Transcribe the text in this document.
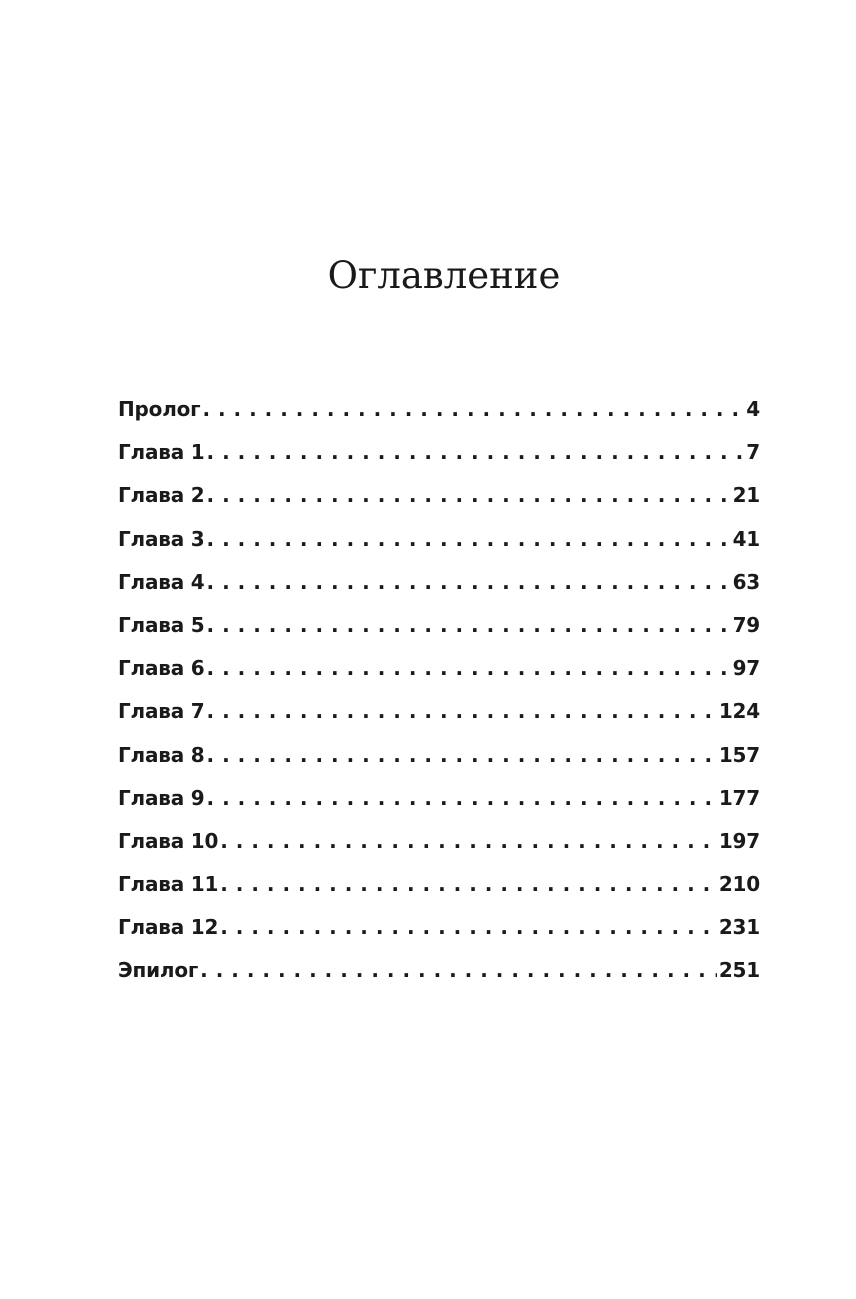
Оглавление
Пролог . . .	4
Глава 1 . . .	7
Глава 2 . . .	21
Глава 3 . . .	41
Глава 4 . . .	63
Глава 5 . . .	79
Глава 6 . . .	97
Глава 7 . . .	124
Глава 8 . . .	157
Глава 9 . . .	177
Глава 10 . . .	197
Глава 11 . . .	210
Глава 12 . . .	231
Эпилог . . .	251
